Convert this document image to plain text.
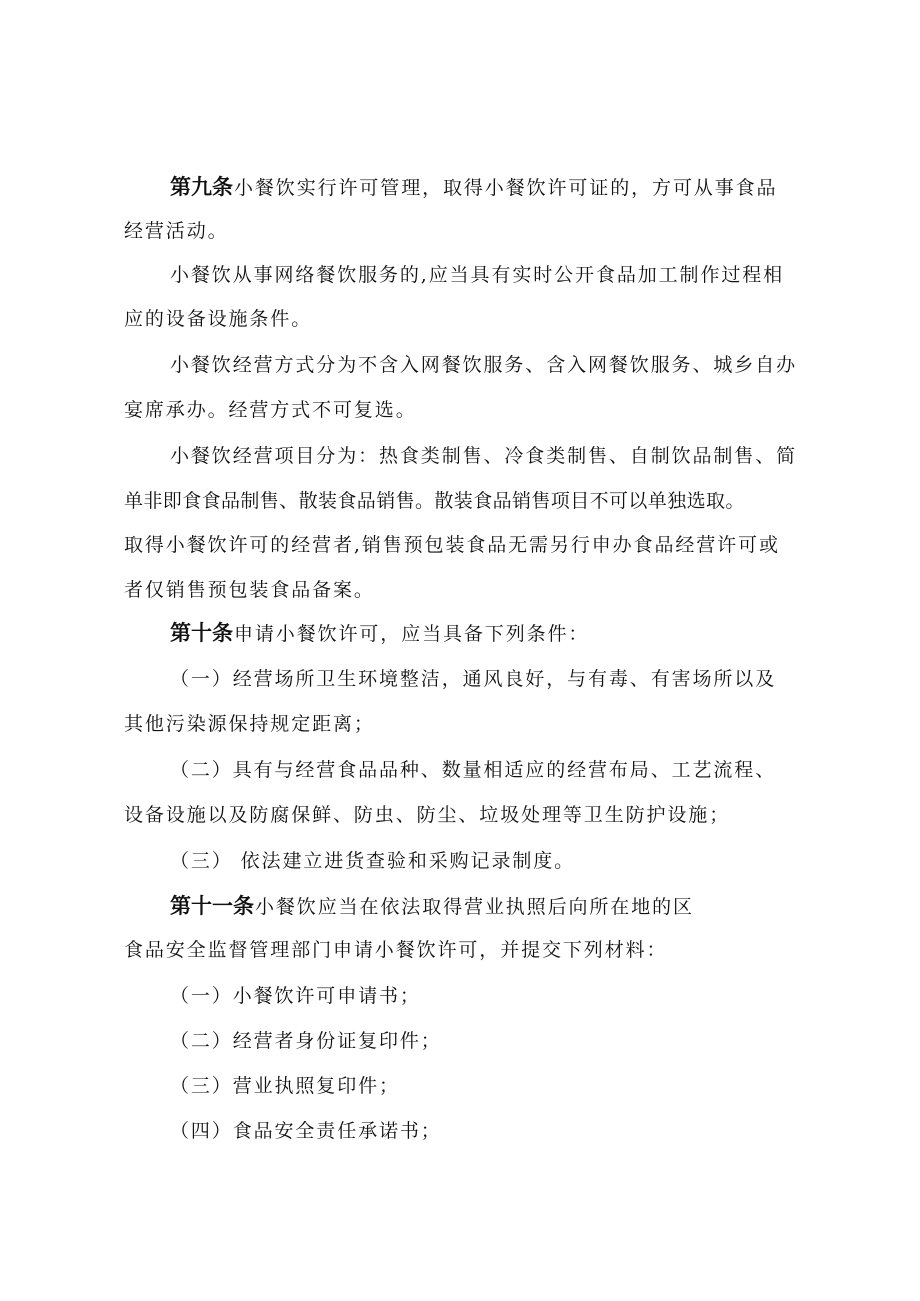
第九条小餐饮实行许可管理，取得小餐饮许可证的，方可从事食品
经营活动。
小餐饮从事网络餐饮服务的,应当具有实时公开食品加工制作过程相
应的设备设施条件。
小餐饮经营方式分为不含入网餐饮服务、含入网餐饮服务、城乡自办
宴席承办。经营方式不可复选。
小餐饮经营项目分为：热食类制售、冷食类制售、自制饮品制售、简
单非即食食品制售、散装食品销售。散装食品销售项目不可以单独选取。
取得小餐饮许可的经营者,销售预包装食品无需另行申办食品经营许可或
者仅销售预包装食品备案。
第十条申请小餐饮许可，应当具备下列条件：
（一）经营场所卫生环境整洁，通风良好，与有毒、有害场所以及
其他污染源保持规定距离；
（二）具有与经营食品品种、数量相适应的经营布局、工艺流程、
设备设施以及防腐保鲜、防虫、防尘、垃圾处理等卫生防护设施；
（三） 依法建立进货查验和采购记录制度。
第十一条小餐饮应当在依法取得营业执照后向所在地的区
食品安全监督管理部门申请小餐饮许可，并提交下列材料：
（一）小餐饮许可申请书；
（二）经营者身份证复印件；
（三）营业执照复印件；
（四）食品安全责任承诺书；
